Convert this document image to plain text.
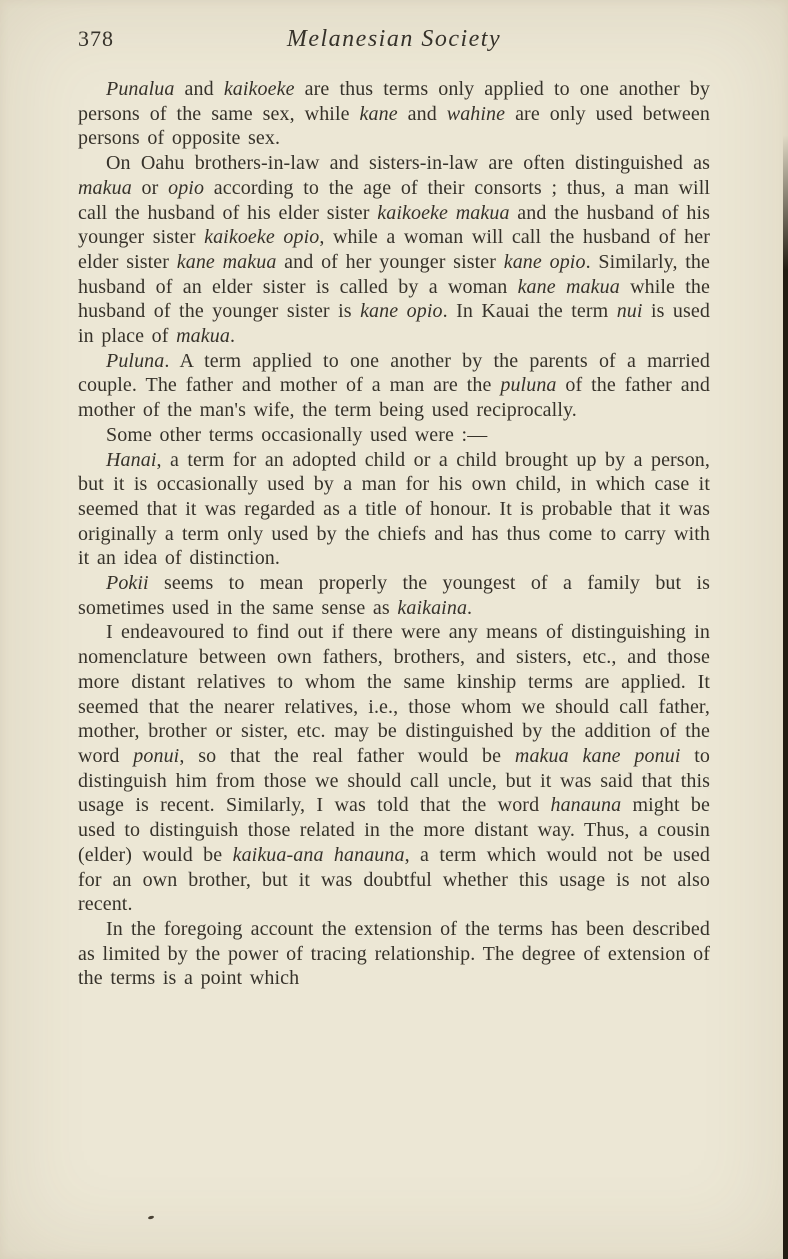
378	Melanesian Society

Punalua and kaikoeke are thus terms only applied to one another by persons of the same sex, while kane and wahine are only used between persons of opposite sex.

On Oahu brothers-in-law and sisters-in-law are often distinguished as makua or opio according to the age of their consorts ; thus, a man will call the husband of his elder sister kaikoeke makua and the husband of his younger sister kaikoeke opio, while a woman will call the husband of her elder sister kane makua and of her younger sister kane opio. Similarly, the husband of an elder sister is called by a woman kane makua while the husband of the younger sister is kane opio. In Kauai the term nui is used in place of makua.

Puluna. A term applied to one another by the parents of a married couple. The father and mother of a man are the puluna of the father and mother of the man's wife, the term being used reciprocally.

Some other terms occasionally used were :—

Hanai, a term for an adopted child or a child brought up by a person, but it is occasionally used by a man for his own child, in which case it seemed that it was regarded as a title of honour. It is probable that it was originally a term only used by the chiefs and has thus come to carry with it an idea of distinction.

Pokii seems to mean properly the youngest of a family but is sometimes used in the same sense as kaikaina.

I endeavoured to find out if there were any means of distinguishing in nomenclature between own fathers, brothers, and sisters, etc., and those more distant relatives to whom the same kinship terms are applied. It seemed that the nearer relatives, i.e., those whom we should call father, mother, brother or sister, etc. may be distinguished by the addition of the word ponui, so that the real father would be makua kane ponui to distinguish him from those we should call uncle, but it was said that this usage is recent. Similarly, I was told that the word hanauna might be used to distinguish those related in the more distant way. Thus, a cousin (elder) would be kaikua-ana hanauna, a term which would not be used for an own brother, but it was doubtful whether this usage is not also recent.

In the foregoing account the extension of the terms has been described as limited by the power of tracing relationship. The degree of extension of the terms is a point which
